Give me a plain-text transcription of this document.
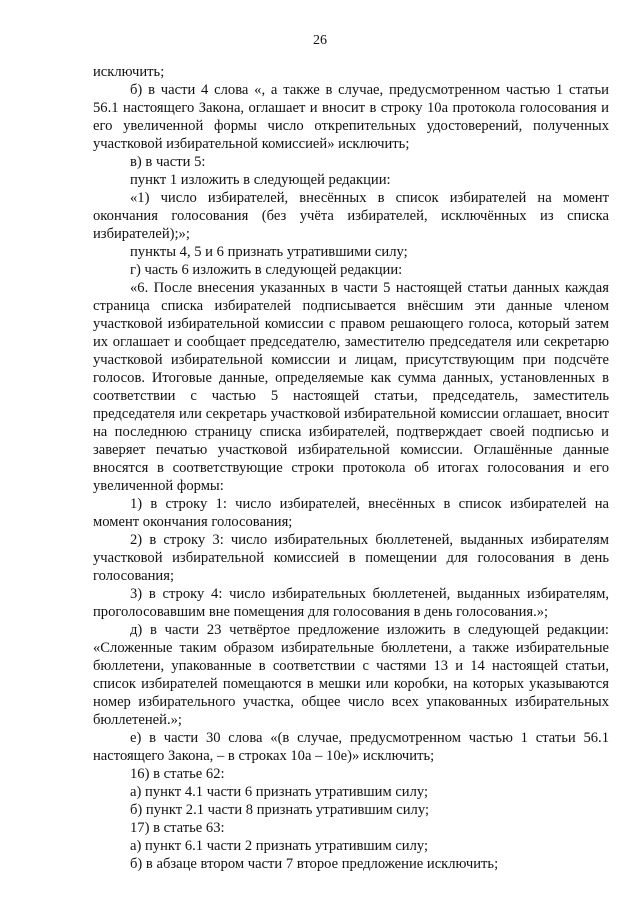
26

исключить;

б) в части 4 слова «, а также в случае, предусмотренном частью 1 статьи 56.1 настоящего Закона, оглашает и вносит в строку 10а протокола голосования и его увеличенной формы число открепительных удостоверений, полученных участковой избирательной комиссией» исключить;

в) в части 5:

пункт 1 изложить в следующей редакции:

«1) число избирателей, внесённых в список избирателей на момент окончания голосования (без учёта избирателей, исключённых из списка избирателей);»;

пункты 4, 5 и 6 признать утратившими силу;

г) часть 6 изложить в следующей редакции:

«6. После внесения указанных в части 5 настоящей статьи данных каждая страница списка избирателей подписывается внёсшим эти данные членом участковой избирательной комиссии с правом решающего голоса, который затем их оглашает и сообщает председателю, заместителю председателя или секретарю участковой избирательной комиссии и лицам, присутствующим при подсчёте голосов. Итоговые данные, определяемые как сумма данных, установленных в соответствии с частью 5 настоящей статьи, председатель, заместитель председателя или секретарь участковой избирательной комиссии оглашает, вносит на последнюю страницу списка избирателей, подтверждает своей подписью и заверяет печатью участковой избирательной комиссии. Оглашённые данные вносятся в соответствующие строки протокола об итогах голосования и его увеличенной формы:

1) в строку 1: число избирателей, внесённых в список избирателей на момент окончания голосования;

2) в строку 3: число избирательных бюллетеней, выданных избирателям участковой избирательной комиссией в помещении для голосования в день голосования;

3) в строку 4: число избирательных бюллетеней, выданных избирателям, проголосовавшим вне помещения для голосования в день голосования.»;

д) в части 23 четвёртое предложение изложить в следующей редакции: «Сложенные таким образом избирательные бюллетени, а также избирательные бюллетени, упакованные в соответствии с частями 13 и 14 настоящей статьи, список избирателей помещаются в мешки или коробки, на которых указываются номер избирательного участка, общее число всех упакованных избирательных бюллетеней.»;

е) в части 30 слова «(в случае, предусмотренном частью 1 статьи 56.1 настоящего Закона, – в строках 10а – 10е)» исключить;

16) в статье 62:

а) пункт 4.1 части 6 признать утратившим силу;

б) пункт 2.1 части 8 признать утратившим силу;

17) в статье 63:

а) пункт 6.1 части 2 признать утратившим силу;

б) в абзаце втором части 7 второе предложение исключить;
